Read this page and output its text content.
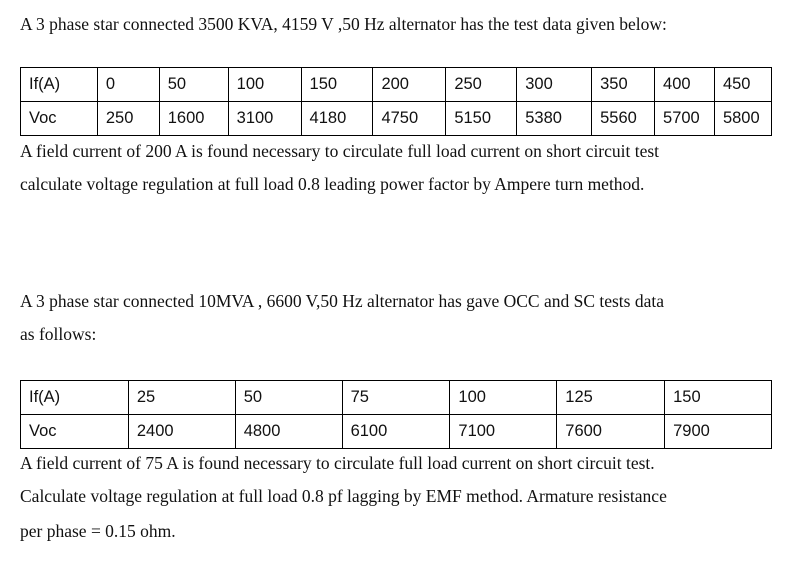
A 3 phase star connected 3500 KVA, 4159 V ,50 Hz alternator has the test data given below:
If(A)	0	50	100	150	200	250	300	350	400	450
Voc	250	1600	3100	4180	4750	5150	5380	5560	5700	5800
A field current of 200 A is found necessary to circulate full load current on short circuit test
calculate voltage regulation at full load 0.8 leading power factor by Ampere turn method.
A 3 phase star connected 10MVA , 6600 V,50 Hz alternator has gave OCC and SC tests data
as follows:
If(A)	25	50	75	100	125	150
Voc	2400	4800	6100	7100	7600	7900
A field current of 75 A is found necessary to circulate full load current on short circuit test.
Calculate voltage regulation at full load 0.8 pf lagging by EMF method. Armature resistance
per phase = 0.15 ohm.
